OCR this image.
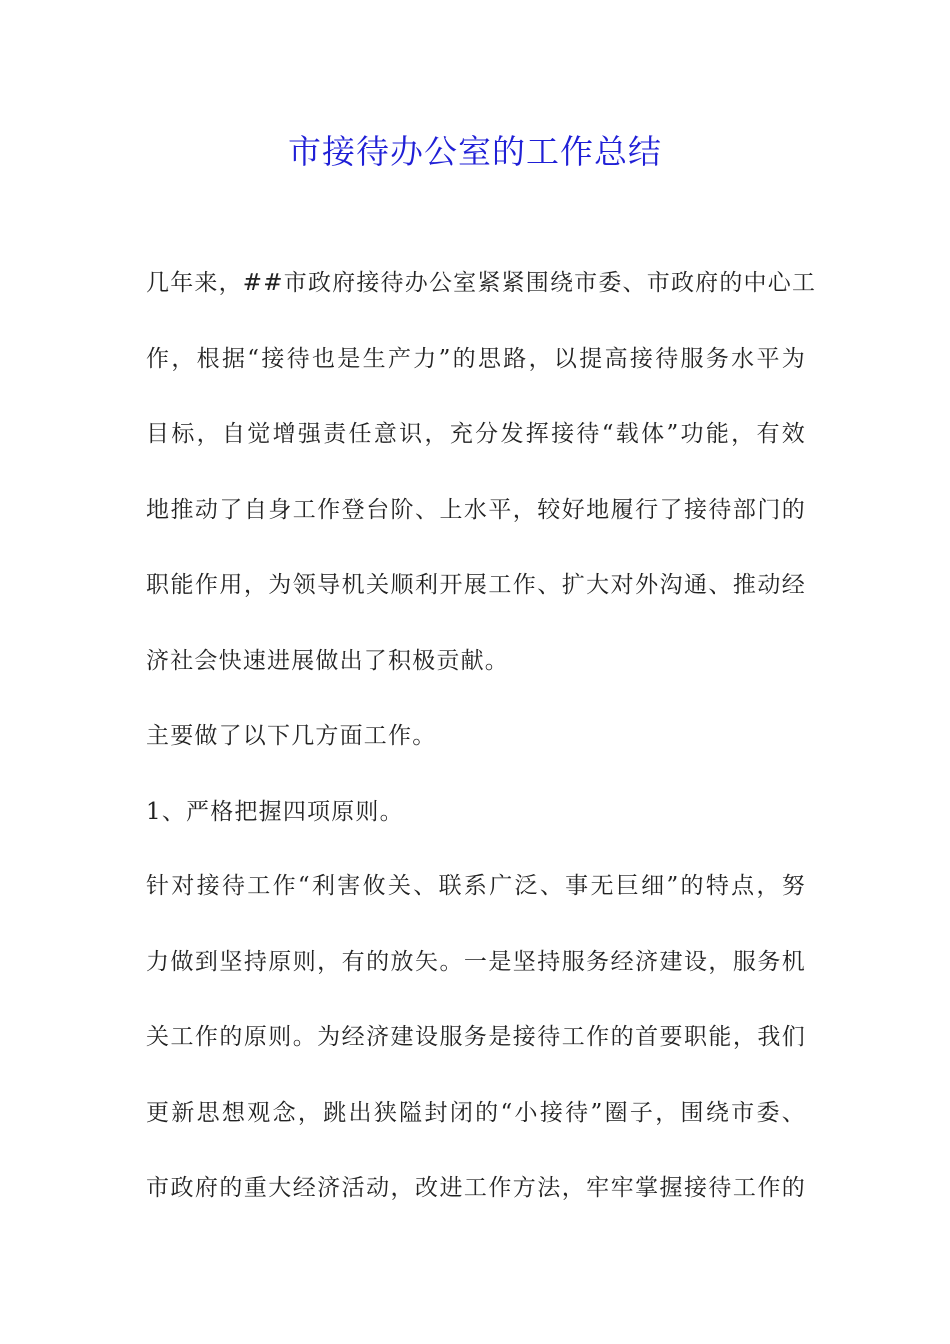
市接待办公室的工作总结
几年来，##市政府接待办公室紧紧围绕市委、市政府的中心工
作，根据“接待也是生产力”的思路，以提高接待服务水平为
目标，自觉增强责任意识，充分发挥接待“载体”功能，有效
地推动了自身工作登台阶、上水平，较好地履行了接待部门的
职能作用，为领导机关顺利开展工作、扩大对外沟通、推动经
济社会快速进展做出了积极贡献。
主要做了以下几方面工作。
1、严格把握四项原则。
针对接待工作“利害攸关、联系广泛、事无巨细”的特点，努
力做到坚持原则，有的放矢。一是坚持服务经济建设，服务机
关工作的原则。为经济建设服务是接待工作的首要职能，我们
更新思想观念，跳出狭隘封闭的“小接待”圈子，围绕市委、
市政府的重大经济活动，改进工作方法，牢牢掌握接待工作的
